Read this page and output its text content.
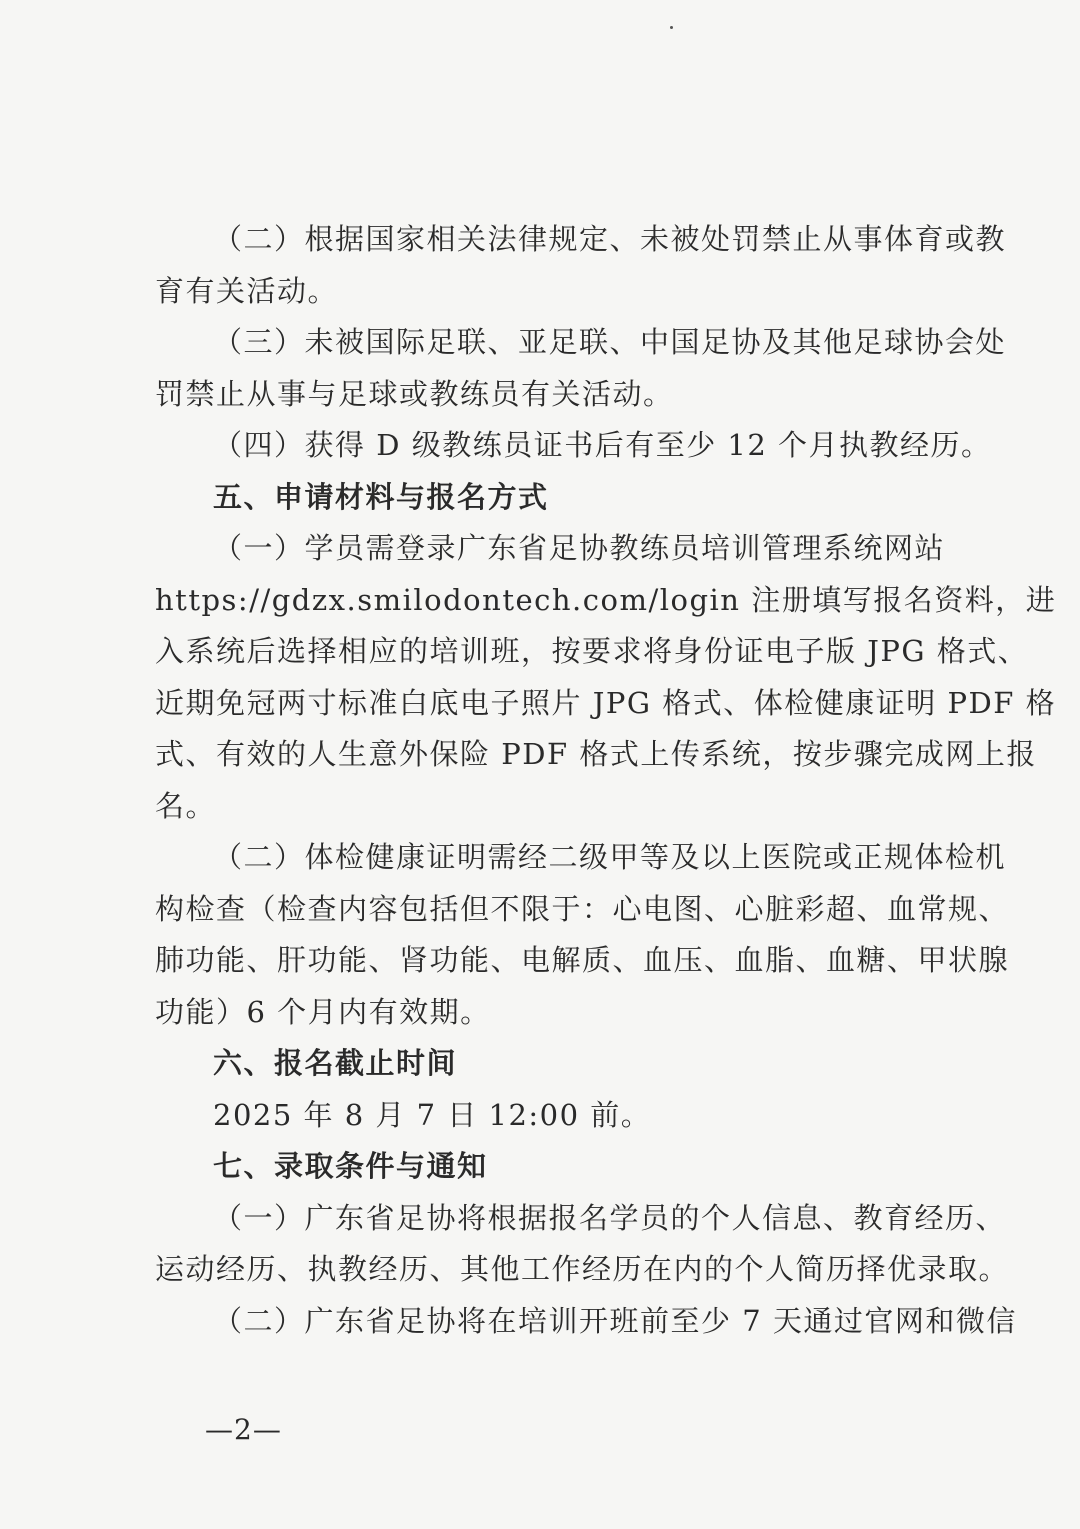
（二）根据国家相关法律规定、未被处罚禁止从事体育或教
育有关活动。
（三）未被国际足联、亚足联、中国足协及其他足球协会处
罚禁止从事与足球或教练员有关活动。
（四）获得 D 级教练员证书后有至少 12 个月执教经历。
五、申请材料与报名方式
（一）学员需登录广东省足协教练员培训管理系统网站
https://gdzx.smilodontech.com/login 注册填写报名资料，进
入系统后选择相应的培训班，按要求将身份证电子版 JPG 格式、
近期免冠两寸标准白底电子照片 JPG 格式、体检健康证明 PDF 格
式、有效的人生意外保险 PDF 格式上传系统，按步骤完成网上报
名。
（二）体检健康证明需经二级甲等及以上医院或正规体检机
构检查（检查内容包括但不限于：心电图、心脏彩超、血常规、
肺功能、肝功能、肾功能、电解质、血压、血脂、血糖、甲状腺
功能）6 个月内有效期。
六、报名截止时间
2025 年 8 月 7 日 12:00 前。
七、录取条件与通知
（一）广东省足协将根据报名学员的个人信息、教育经历、
运动经历、执教经历、其他工作经历在内的个人简历择优录取。
（二）广东省足协将在培训开班前至少 7 天通过官网和微信
—2—
